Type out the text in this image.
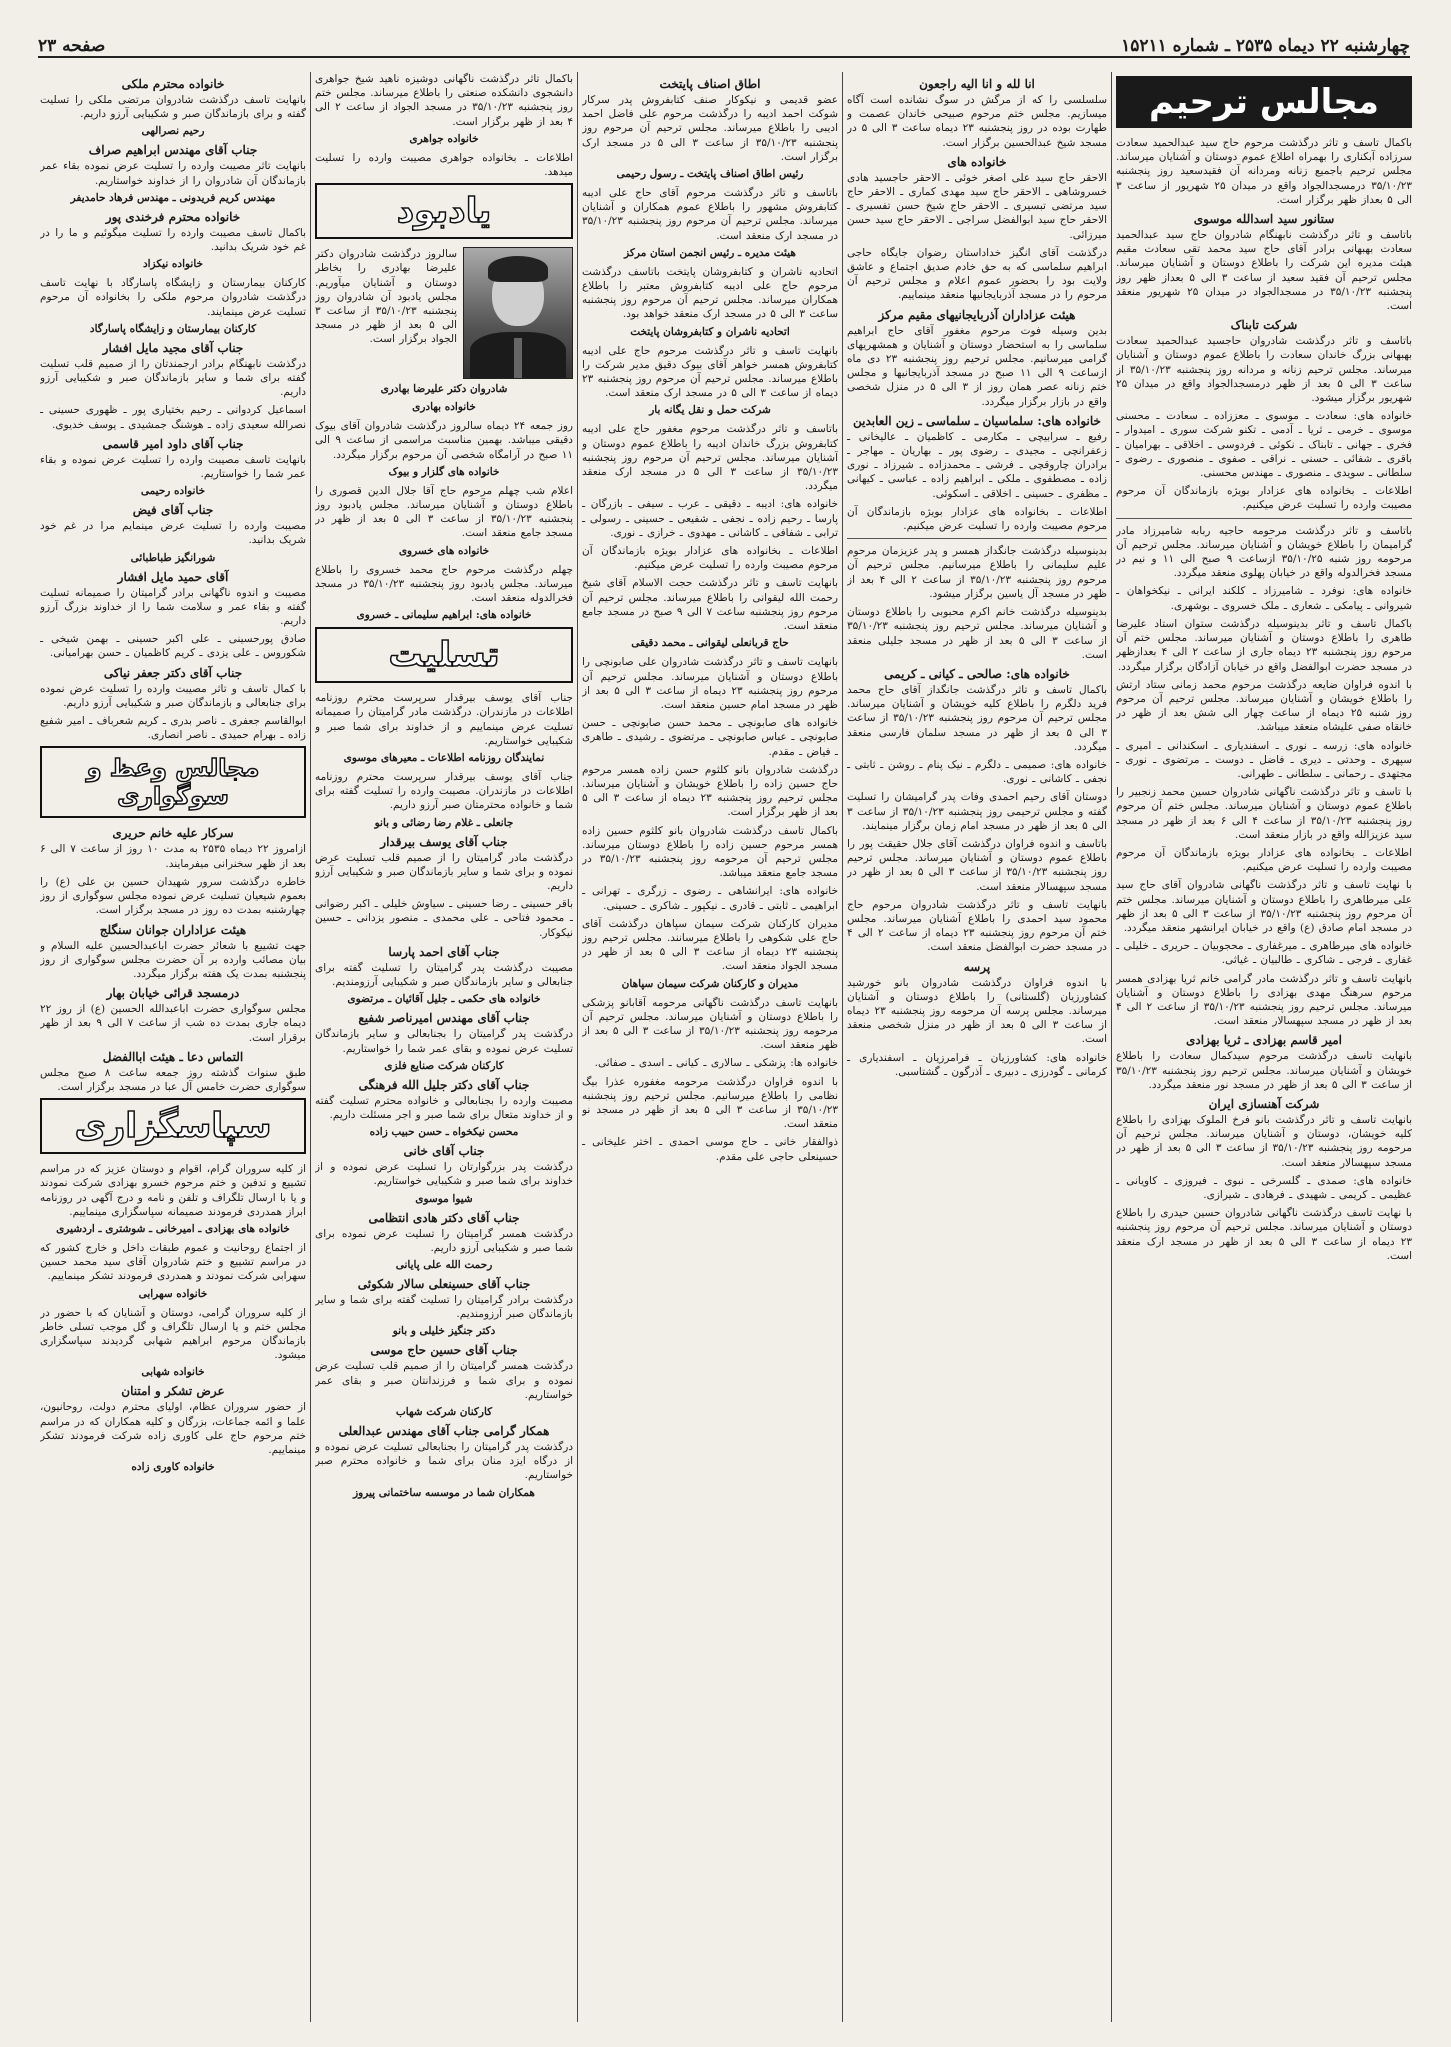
چهارشنبه ۲۲ دیماه ۲۵۳۵ ـ شماره ۱۵۲۱۱
صفحه ۲۳
مجالس ترحیم

باکمال تاسف و تاثر درگذشت مرحوم حاج سید عبدالحمید سعادت سرزاده آبکناری را بهمراه اطلاع عموم دوستان و آشنایان میرساند. مجلس ترحیم باجمیع زنانه ومردانه آن فقیدسعید روز پنجشنبه ۳۵/۱۰/۲۳ درمسجدالجواد واقع در میدان ۲۵ شهریور از ساعت ۳ الی ۵ بعداز ظهر برگزار است.

ستانور سید اسدالله موسوی

باتاسف و تاثر درگذشت نابهنگام شادروان حاج سید عبدالحمید سعادت بهبهانی برادر آقای حاج سید محمد تقی سعادت مقیم هیئت مدیره این شرکت را باطلاع دوستان و آشنایان میرساند. مجلس ترحیم آن فقید سعید از ساعت ۳ الی ۵ بعداز ظهر روز پنجشنبه ۳۵/۱۰/۲۳ در مسجدالجواد در میدان ۲۵ شهریور منعقد است.

شرکت تابناک

باتاسف و تاثر درگذشت شادروان حاجسید عبدالحمید سعادت بهبهانی بزرگ خاندان سعادت را باطلاع عموم دوستان و آشنایان میرساند. مجلس ترحیم زنانه و مردانه روز پنجشنبه ۳۵/۱۰/۲۳ از ساعت ۳ الی ۵ بعد از ظهر درمسجدالجواد واقع در میدان ۲۵ شهریور برگزار میشود.

خانواده های: سعادت ـ موسوی ـ معززاده ـ سعادت ـ محسنی موسوی ـ خرمی ـ ثریا ـ آدمی ـ تکنو شرکت سوری ـ امیدوار ـ فخری ـ جهانی ـ تابناک ـ نکوئی ـ فردوسی ـ اخلاقی ـ بهرامیان ـ باقری ـ شفائی ـ حسنی ـ نراقی ـ صفوی ـ منصوری ـ رضوی ـ سلطانی ـ سویدی ـ منصوری ـ مهندس محسنی.

اطلاعات ـ بخانواده های عزادار بویژه بازماندگان آن مرحوم مصیبت وارده را تسلیت عرض میکنیم.

باتاسف و تاثر درگذشت مرحومه حاجیه ربابه شامیرزاد مادر گرامیمان را باطلاع خویشان و آشنایان میرساند. مجلس ترحیم آن مرحومه روز شنبه ۳۵/۱۰/۲۵ ازساعت ۹ صبح الی ۱۱ و نیم در مسجد فخرالدوله واقع در خیابان پهلوی منعقد میگردد.

خانواده های: نوفرد ـ شامیرزاد ـ کلکند ایرانی ـ نیکخواهان ـ شیروانی ـ پیامکی ـ شعاری ـ ملک خسروی ـ بوشهری.

باکمال تاسف و تاثر بدینوسیله درگذشت ستوان استاد علیرضا طاهری را باطلاع دوستان و آشنایان میرساند. مجلس ختم آن مرحوم روز پنجشنبه ۲۳ دیماه جاری از ساعت ۲ الی ۴ بعدازظهر در مسجد حضرت ابوالفضل واقع در خیابان آزادگان برگزار میگردد.

با اندوه فراوان ضایعه درگذشت مرحوم محمد زمانی ستاد ارتش را باطلاع خویشان و آشنایان میرساند. مجلس ترحیم آن مرحوم روز شنبه ۲۵ دیماه از ساعت چهار الی شش بعد از ظهر در خانقاه صفی علیشاه منعقد میباشد.

خانواده های: زرسه ـ نوری ـ اسفندیاری ـ اسکندانی ـ امیری ـ سپهری ـ وحدتی ـ دیری ـ فاضل ـ دوست ـ مرتضوی ـ نوری ـ مجتهدی ـ رحمانی ـ سلطانی ـ طهرانی.

با تاسف و تاثر درگذشت ناگهانی شادروان حسین محمد زنجبیر را باطلاع عموم دوستان و آشنایان میرساند. مجلس ختم آن مرحوم روز پنجشنبه ۳۵/۱۰/۲۳ از ساعت ۴ الی ۶ بعد از ظهر در مسجد سید عزیزالله واقع در بازار منعقد است.

اطلاعات ـ بخانواده های عزادار بویژه بازماندگان آن مرحوم مصیبت وارده را تسلیت عرض میکنیم.

با نهایت تاسف و تاثر درگذشت ناگهانی شادروان آقای حاج سید علی میرطاهری را باطلاع دوستان و آشنایان میرساند. مجلس ختم آن مرحوم روز پنجشنبه ۳۵/۱۰/۲۳ از ساعت ۳ الی ۵ بعد از ظهر در مسجد امام صادق (ع) واقع در خیابان ایرانشهر منعقد میگردد.

خانواده های میرطاهری ـ میرغفاری ـ محجوبیان ـ حریری ـ خلیلی ـ غفاری ـ فرجی ـ شاکری ـ طالبیان ـ غیاثی.

بانهایت تاسف و تاثر درگذشت مادر گرامی خانم ثریا بهزادی همسر مرحوم سرهنگ مهدی بهزادی را باطلاع دوستان و آشنایان میرساند. مجلس ترحیم روز پنجشنبه ۳۵/۱۰/۲۳ از ساعت ۲ الی ۴ بعد از ظهر در مسجد سپهسالار منعقد است.

امیر قاسم بهزادی ـ ثریا بهزادی

بانهایت تاسف درگذشت مرحوم سیدکمال سعادت را باطلاع خویشان و آشنایان میرساند. مجلس ترحیم روز پنجشنبه ۳۵/۱۰/۲۳ از ساعت ۳ الی ۵ بعد از ظهر در مسجد نور منعقد میگردد.

شرکت آهنسازی ایران

بانهایت تاسف و تاثر درگذشت بانو فرخ الملوک بهزادی را باطلاع کلیه خویشان، دوستان و آشنایان میرساند. مجلس ترحیم آن مرحومه روز پنجشنبه ۳۵/۱۰/۲۳ از ساعت ۳ الی ۵ بعد از ظهر در مسجد سپهسالار منعقد است.

خانواده های: صمدی ـ گلسرخی ـ نبوی ـ فیروزی ـ کاویانی ـ عظیمی ـ کریمی ـ شهیدی ـ فرهادی ـ شیرازی.

با نهایت تاسف درگذشت ناگهانی شادروان حسین حیدری را باطلاع دوستان و آشنایان میرساند. مجلس ترحیم آن مرحوم روز پنجشنبه ۲۳ دیماه از ساعت ۳ الی ۵ بعد از ظهر در مسجد ارک منعقد است.

انا لله و انا الیه راجعون

سلسلسی را که از مرگش در سوگ نشانده است آگاه میسازیم. مجلس ختم مرحوم صبیحی خاندان عصمت و طهارت بوده در روز پنجشنبه ۲۳ دیماه ساعت ۳ الی ۵ در مسجد شیخ عبدالحسین برگزار است.

خانواده های

الاحقر حاج سید علی اصغر خوئی ـ الاحقر حاجسید هادی خسروشاهی ـ الاحقر حاج سید مهدی کماری ـ الاحقر حاج سید مرتضی تبسیری ـ الاحقر حاج شیخ حسن تفسیری ـ الاحقر حاج سید ابوالفضل سراجی ـ الاحقر حاج سید حسن میرزائی.

درگذشت آقای انگیز خداداستان رضوان جایگاه حاجی ابراهیم سلماسی که به حق خادم صدیق اجتماع و عاشق ولایت بود را بحضور عموم اعلام و مجلس ترحیم آن مرحوم را در مسجد آذربایجانیها منعقد مینماییم.

هیئت عزاداران آذربایجانیهای مقیم مرکز

بدین وسیله فوت مرحوم مغفور آقای حاج ابراهیم سلماسی را به استحضار دوستان و آشنایان و همشهریهای گرامی میرسانیم. مجلس ترحیم روز پنجشنبه ۲۳ دی ماه ازساعت ۹ الی ۱۱ صبح در مسجد آذربایجانیها و مجلس ختم زنانه عصر همان روز از ۳ الی ۵ در منزل شخصی واقع در بازار برگزار میگردد.

خانواده های: سلماسیان ـ سلماسی ـ زین العابدین

رفیع ـ سرابیچی ـ مکارمی ـ کاظمیان ـ عالیخانی ـ زعفرانچی ـ مجیدی ـ رضوی پور ـ بهاریان ـ مهاجر ـ برادران چاروقچی ـ فرشی ـ محمدزاده ـ شیرزاد ـ نوری زاده ـ مصطفوی ـ ملکی ـ ابراهیم زاده ـ عباسی ـ کیهانی ـ مظفری ـ حسینی ـ اخلاقی ـ اسکوئی.

اطلاعات ـ بخانواده های عزادار بویژه بازماندگان آن مرحوم مصیبت وارده را تسلیت عرض میکنیم.

بدینوسیله درگذشت جانگداز همسر و پدر عزیزمان مرحوم علیم سلیمانی را باطلاع میرسانیم. مجلس ترحیم آن مرحوم روز پنجشنبه ۳۵/۱۰/۲۳ از ساعت ۲ الی ۴ بعد از ظهر در مسجد آل یاسین برگزار میشود.

بدینوسیله درگذشت خانم اکرم محبوبی را باطلاع دوستان و آشنایان میرساند. مجلس ترحیم روز پنجشنبه ۳۵/۱۰/۲۳ از ساعت ۳ الی ۵ بعد از ظهر در مسجد جلیلی منعقد است.

خانواده های: صالحی ـ کیانی ـ کریمی

باکمال تاسف و تاثر درگذشت جانگداز آقای حاج محمد فرید دلگرم را باطلاع کلیه خویشان و آشنایان میرساند. مجلس ترحیم آن مرحوم روز پنجشنبه ۳۵/۱۰/۲۳ از ساعت ۳ الی ۵ بعد از ظهر در مسجد سلمان فارسی منعقد میگردد.

خانواده های: صمیمی ـ دلگرم ـ نیک پنام ـ روشن ـ ثابتی ـ نجفی ـ کاشانی ـ نوری.

دوستان آقای رحیم احمدی وفات پدر گرامیشان را تسلیت گفته و مجلس ترحیمی روز پنجشنبه ۳۵/۱۰/۲۳ از ساعت ۳ الی ۵ بعد از ظهر در مسجد امام زمان برگزار مینمایند.

باتاسف و اندوه فراوان درگذشت آقای جلال حقیقت پور را باطلاع عموم دوستان و آشنایان میرساند. مجلس ترحیم روز پنجشنبه ۳۵/۱۰/۲۳ از ساعت ۳ الی ۵ بعد از ظهر در مسجد سپهسالار منعقد است.

بانهایت تاسف و تاثر درگذشت شادروان مرحوم حاج محمود سید احمدی را باطلاع آشنایان میرساند. مجلس ختم آن مرحوم روز پنجشنبه ۲۳ دیماه از ساعت ۲ الی ۴ در مسجد حضرت ابوالفضل منعقد است.

پرسه

با اندوه فراوان درگذشت شادروان بانو خورشید کشاورزیان (گلستانی) را باطلاع دوستان و آشنایان میرساند. مجلس پرسه آن مرحومه روز پنجشنبه ۲۳ دیماه از ساعت ۳ الی ۵ بعد از ظهر در منزل شخصی منعقد است.

خانواده های: کشاورزیان ـ فرامرزیان ـ اسفندیاری ـ کرمانی ـ گودرزی ـ دبیری ـ آذرگون ـ گشتاسبی.

اطاق اصناف پایتخت

عضو قدیمی و نیکوکار صنف کتابفروش پدر سرکار شوکت احمد ادیبه را درگذشت مرحوم علی فاضل احمد ادیبی را باطلاع میرساند. مجلس ترحیم آن مرحوم روز پنجشنبه ۳۵/۱۰/۲۳ از ساعت ۳ الی ۵ در مسجد ارک برگزار است.

رئیس اطاق اصناف پایتخت ـ رسول رحیمی

باتاسف و تاثر درگذشت مرحوم آقای حاج علی ادیبه کتابفروش مشهور را باطلاع عموم همکاران و آشنایان میرساند. مجلس ترحیم آن مرحوم روز پنجشنبه ۳۵/۱۰/۲۳ در مسجد ارک منعقد است.

هیئت مدیره ـ رئیس انجمن استان مرکز

اتحادیه ناشران و کتابفروشان پایتخت باتاسف درگذشت مرحوم حاج علی ادیبه کتابفروش معتبر را باطلاع همکاران میرساند. مجلس ترحیم آن مرحوم روز پنجشنبه ساعت ۳ الی ۵ در مسجد ارک منعقد خواهد بود.

اتحادیه ناشران و کتابفروشان پایتخت

بانهایت تاسف و تاثر درگذشت مرحوم حاج علی ادیبه کتابفروش همسر خواهر آقای بیوک دقیق مدیر شرکت را باطلاع میرساند. مجلس ترحیم آن مرحوم روز پنجشنبه ۲۳ دیماه از ساعت ۳ الی ۵ در مسجد ارک منعقد است.

شرکت حمل و نقل یگانه بار

باتاسف و تاثر درگذشت مرحوم مغفور حاج علی ادیبه کتابفروش بزرگ خاندان ادیبه را باطلاع عموم دوستان و آشنایان میرساند. مجلس ترحیم آن مرحوم روز پنجشنبه ۳۵/۱۰/۲۳ از ساعت ۳ الی ۵ در مسجد ارک منعقد میگردد.

خانواده های: ادیبه ـ دقیقی ـ عرب ـ سیفی ـ بازرگان ـ پارسا ـ رحیم زاده ـ نجفی ـ شفیعی ـ حسینی ـ رسولی ـ ترابی ـ شفافی ـ کاشانی ـ مهدوی ـ خرازی ـ نوری.

اطلاعات ـ بخانواده های عزادار بویژه بازماندگان آن مرحوم مصیبت وارده را تسلیت عرض میکنیم.

بانهایت تاسف و تاثر درگذشت حجت الاسلام آقای شیخ رحمت الله لیقوانی را باطلاع میرساند. مجلس ترحیم آن مرحوم روز پنجشنبه ساعت ۷ الی ۹ صبح در مسجد جامع منعقد است.

حاج قربانعلی لیقوانی ـ محمد دقیقی

بانهایت تاسف و تاثر درگذشت شادروان علی صابونچی را باطلاع دوستان و آشنایان میرساند. مجلس ترحیم آن مرحوم روز پنجشنبه ۲۳ دیماه از ساعت ۳ الی ۵ بعد از ظهر در مسجد امام حسین منعقد است.

خانواده های صابونچی ـ محمد حسن صابونچی ـ حسن صابونچی ـ عباس صابونچی ـ مرتضوی ـ رشیدی ـ طاهری ـ فیاض ـ مقدم.

درگذشت شادروان بانو کلثوم حسن زاده همسر مرحوم حاج حسین زاده را باطلاع خویشان و آشنایان میرساند. مجلس ترحیم روز پنجشنبه ۲۳ دیماه از ساعت ۳ الی ۵ بعد از ظهر برگزار است.

باکمال تاسف درگذشت شادروان بانو کلثوم حسین زاده همسر مرحوم حسین زاده را باطلاع دوستان میرساند. مجلس ترحیم آن مرحومه روز پنجشنبه ۳۵/۱۰/۲۳ در مسجد جامع منعقد میباشد.

خانواده های: ایرانشاهی ـ رضوی ـ زرگری ـ تهرانی ـ ابراهیمی ـ ثابتی ـ قادری ـ نیکپور ـ شاکری ـ حسینی.

مدیران کارکنان شرکت سیمان سپاهان درگذشت آقای حاج علی شکوهی را باطلاع میرسانند. مجلس ترحیم روز پنجشنبه ۲۳ دیماه از ساعت ۳ الی ۵ بعد از ظهر در مسجد الجواد منعقد است.

مدیران و کارکنان شرکت سیمان سپاهان

بانهایت تاسف درگذشت ناگهانی مرحومه آقابانو پزشکی را باطلاع دوستان و آشنایان میرساند. مجلس ترحیم آن مرحومه روز پنجشنبه ۳۵/۱۰/۲۳ از ساعت ۳ الی ۵ بعد از ظهر منعقد است.

خانواده ها: پزشکی ـ سالاری ـ کیانی ـ اسدی ـ صفائی.

با اندوه فراوان درگذشت مرحومه مغفوره عذرا بیگ نظامی را باطلاع میرسانیم. مجلس ترحیم روز پنجشنبه ۳۵/۱۰/۲۳ از ساعت ۳ الی ۵ بعد از ظهر در مسجد نو منعقد است.

ذوالفقار خانی ـ حاج موسی احمدی ـ اختر علیخانی ـ حسینعلی حاجی علی مقدم.

باکمال تاثر درگذشت ناگهانی دوشیزه ناهید شیخ جواهری دانشجوی دانشکده صنعتی را باطلاع میرساند. مجلس ختم روز پنجشنبه ۳۵/۱۰/۲۳ در مسجد الجواد از ساعت ۲ الی ۴ بعد از ظهر برگزار است.

خانواده جواهری

اطلاعات ـ بخانواده جواهری مصیبت وارده را تسلیت میدهد.

یادبود

سالروز درگذشت شادروان دکتر علیرضا بهادری را بخاطر دوستان و آشنایان میآوریم. مجلس یادبود آن شادروان روز پنجشنبه ۳۵/۱۰/۲۳ از ساعت ۳ الی ۵ بعد از ظهر در مسجد الجواد برگزار است.

شادروان دکتر علیرضا بهادری
خانواده بهادری

روز جمعه ۲۴ دیماه سالروز درگذشت شادروان آقای بیوک دقیقی میباشد. بهمین مناسبت مراسمی از ساعت ۹ الی ۱۱ صبح در آرامگاه شخصی آن مرحوم برگزار میگردد.

خانواده های گلزار و بیوک

اعلام شب چهلم مرحوم حاج آقا جلال الدین قصوری را باطلاع دوستان و آشنایان میرساند. مجلس یادبود روز پنجشنبه ۳۵/۱۰/۲۳ از ساعت ۳ الی ۵ بعد از ظهر در مسجد جامع منعقد است.

خانواده های خسروی

چهلم درگذشت مرحوم حاج محمد خسروی را باطلاع میرساند. مجلس یادبود روز پنجشنبه ۳۵/۱۰/۲۳ در مسجد فخرالدوله منعقد است.

خانواده های: ابراهیم سلیمانی ـ خسروی
تسلیت

جناب آقای یوسف بیرقدار سرپرست محترم روزنامه اطلاعات در مازندران. درگذشت مادر گرامیتان را صمیمانه تسلیت عرض مینماییم و از خداوند برای شما صبر و شکیبایی خواستاریم.

نمایندگان روزنامه اطلاعات ـ معیرهای موسوی

جناب آقای یوسف بیرقدار سرپرست محترم روزنامه اطلاعات در مازندران. مصیبت وارده را تسلیت گفته برای شما و خانواده محترمتان صبر آرزو داریم.

جانعلی ـ غلام رضا رضائی و بانو
جناب آقای یوسف بیرقدار

درگذشت مادر گرامیتان را از صمیم قلب تسلیت عرض نموده و برای شما و سایر بازماندگان صبر و شکیبایی آرزو داریم.

باقر حسینی ـ رضا حسینی ـ سیاوش خلیلی ـ اکبر رضوانی ـ محمود فتاحی ـ علی محمدی ـ منصور یزدانی ـ حسین نیکوکار.

جناب آقای احمد پارسا

مصیبت درگذشت پدر گرامیتان را تسلیت گفته برای جنابعالی و سایر بازماندگان صبر و شکیبایی آرزومندیم.

خانواده های حکمی ـ جلیل آقائیان ـ مرتضوی
جناب آقای مهندس امیرناصر شفیع

درگذشت پدر گرامیتان را بجنابعالی و سایر بازماندگان تسلیت عرض نموده و بقای عمر شما را خواستاریم.

کارکنان شرکت صنایع فلزی
جناب آقای دکتر جلیل الله فرهنگی

مصیبت وارده را بجنابعالی و خانواده محترم تسلیت گفته و از خداوند متعال برای شما صبر و اجر مسئلت داریم.

محسن نیکخواه ـ حسن حبیب زاده
جناب آقای خانی

درگذشت پدر بزرگوارتان را تسلیت عرض نموده و از خداوند برای شما صبر و شکیبایی خواستاریم.

شیوا موسوی
جناب آقای دکتر هادی انتظامی

درگذشت همسر گرامیتان را تسلیت عرض نموده برای شما صبر و شکیبایی آرزو داریم.

رحمت الله علی پایانی
جناب آقای حسینعلی سالار شکوئی

درگذشت برادر گرامیتان را تسلیت گفته برای شما و سایر بازماندگان صبر آرزومندیم.

دکتر جنگیز خلیلی و بانو
جناب آقای حسین حاج موسی

درگذشت همسر گرامیتان را از صمیم قلب تسلیت عرض نموده و برای شما و فرزندانتان صبر و بقای عمر خواستاریم.

کارکنان شرکت شهاب
همکار گرامی جناب آقای مهندس عبدالعلی

درگذشت پدر گرامیتان را بجنابعالی تسلیت عرض نموده و از درگاه ایزد منان برای شما و خانواده محترم صبر خواستاریم.

همکاران شما در موسسه ساختمانی پیروز
خانواده محترم ملکی

بانهایت تاسف درگذشت شادروان مرتضی ملکی را تسلیت گفته و برای بازماندگان صبر و شکیبایی آرزو داریم.

رحیم نصرالهی
جناب آقای مهندس ابراهیم صراف

بانهایت تاثر مصیبت وارده را تسلیت عرض نموده بقاء عمر بازماندگان آن شادروان را از خداوند خواستاریم.

مهندس کریم فریدونی ـ مهندس فرهاد حامدیفر
خانواده محترم فرخندی پور

باکمال تاسف مصیبت وارده را تسلیت میگوئیم و ما را در غم خود شریک بدانید.

خانواده نیکزاد

کارکنان بیمارستان و زایشگاه پاسارگاد با نهایت تاسف درگذشت شادروان مرحوم ملکی را بخانواده آن مرحوم تسلیت عرض مینمایند.

کارکنان بیمارستان و زایشگاه پاسارگاد
جناب آقای مجید مایل افشار

درگذشت نابهنگام برادر ارجمندتان را از صمیم قلب تسلیت گفته برای شما و سایر بازماندگان صبر و شکیبایی آرزو داریم.

اسماعیل کردوانی ـ رحیم بختیاری پور ـ ظهوری حسینی ـ نصرالله سعیدی زاده ـ هوشنگ جمشیدی ـ یوسف خدیوی.

جناب آقای داود امیر قاسمی

بانهایت تاسف مصیبت وارده را تسلیت عرض نموده و بقاء عمر شما را خواستاریم.

خانواده رحیمی
جناب آقای فیض

مصیبت وارده را تسلیت عرض مینمایم مرا در غم خود شریک بدانید.

شورانگیز طباطبائی
آقای حمید مایل افشار

مصیبت و اندوه ناگهانی برادر گرامیتان را صمیمانه تسلیت گفته و بقاء عمر و سلامت شما را از خداوند بزرگ آرزو داریم.

صادق پورحسینی ـ علی اکبر حسینی ـ بهمن شیخی ـ شکوروس ـ علی یزدی ـ کریم کاظمیان ـ حسن بهرامیانی.

جناب آقای دکتر جعفر نیاکی

با کمال تاسف و تاثر مصیبت وارده را تسلیت عرض نموده برای جنابعالی و بازماندگان صبر و شکیبایی آرزو داریم.

ابوالقاسم جعفری ـ ناصر بدری ـ کریم شعرباف ـ امیر شفیع زاده ـ بهرام حمیدی ـ ناصر انصاری.

مجالس وعظ و سوگواری
سرکار علیه خانم حریری

ازامروز ۲۲ دیماه ۲۵۳۵ به مدت ۱۰ روز از ساعت ۷ الی ۶ بعد از ظهر سخنرانی میفرمایند.

خاطره درگذشت سرور شهیدان حسین بن علی (ع) را بعموم شیعیان تسلیت عرض نموده مجلس سوگواری از روز چهارشنبه بمدت ده روز در مسجد برگزار است.

هیئت عزاداران جوانان سنگلج

جهت تشییع با شعائر حضرت اباعبدالحسین علیه السلام و بیان مصائب وارده بر آن حضرت مجلس سوگواری از روز پنجشنبه بمدت یک هفته برگزار میگردد.

درمسجد قرائی خیابان بهار

مجلس سوگواری حضرت اباعبدالله الحسین (ع) از روز ۲۲ دیماه جاری بمدت ده شب از ساعت ۷ الی ۹ بعد از ظهر برقرار است.

التماس دعا ـ هیئت اباالفضل

طبق سنوات گذشته روز جمعه ساعت ۸ صبح مجلس سوگواری حضرت خامس آل عبا در مسجد برگزار است.

سپاسگزاری

از کلیه سروران گرام، اقوام و دوستان عزیز که در مراسم تشییع و تدفین و ختم مرحوم خسرو بهزادی شرکت نمودند و یا با ارسال تلگراف و تلفن و نامه و درج آگهی در روزنامه ابراز همدردی فرمودند صمیمانه سپاسگزاری مینماییم.

خانواده های بهزادی ـ امیرخانی ـ شوشتری ـ اردشیری

از اجتماع روحانیت و عموم طبقات داخل و خارج کشور که در مراسم تشییع و ختم شادروان آقای سید محمد حسین سهرابی شرکت نمودند و همدردی فرمودند تشکر مینماییم.

خانواده سهرابی

از کلیه سروران گرامی، دوستان و آشنایان که با حضور در مجلس ختم و یا ارسال تلگراف و گل موجب تسلی خاطر بازماندگان مرحوم ابراهیم شهابی گردیدند سپاسگزاری میشود.

خانواده شهابی
عرض تشکر و امتنان

از حضور سروران عظام، اولیای محترم دولت، روحانیون، علما و ائمه جماعات، بزرگان و کلیه همکاران که در مراسم ختم مرحوم حاج علی کاوری زاده شرکت فرمودند تشکر مینماییم.

خانواده کاوری زاده
